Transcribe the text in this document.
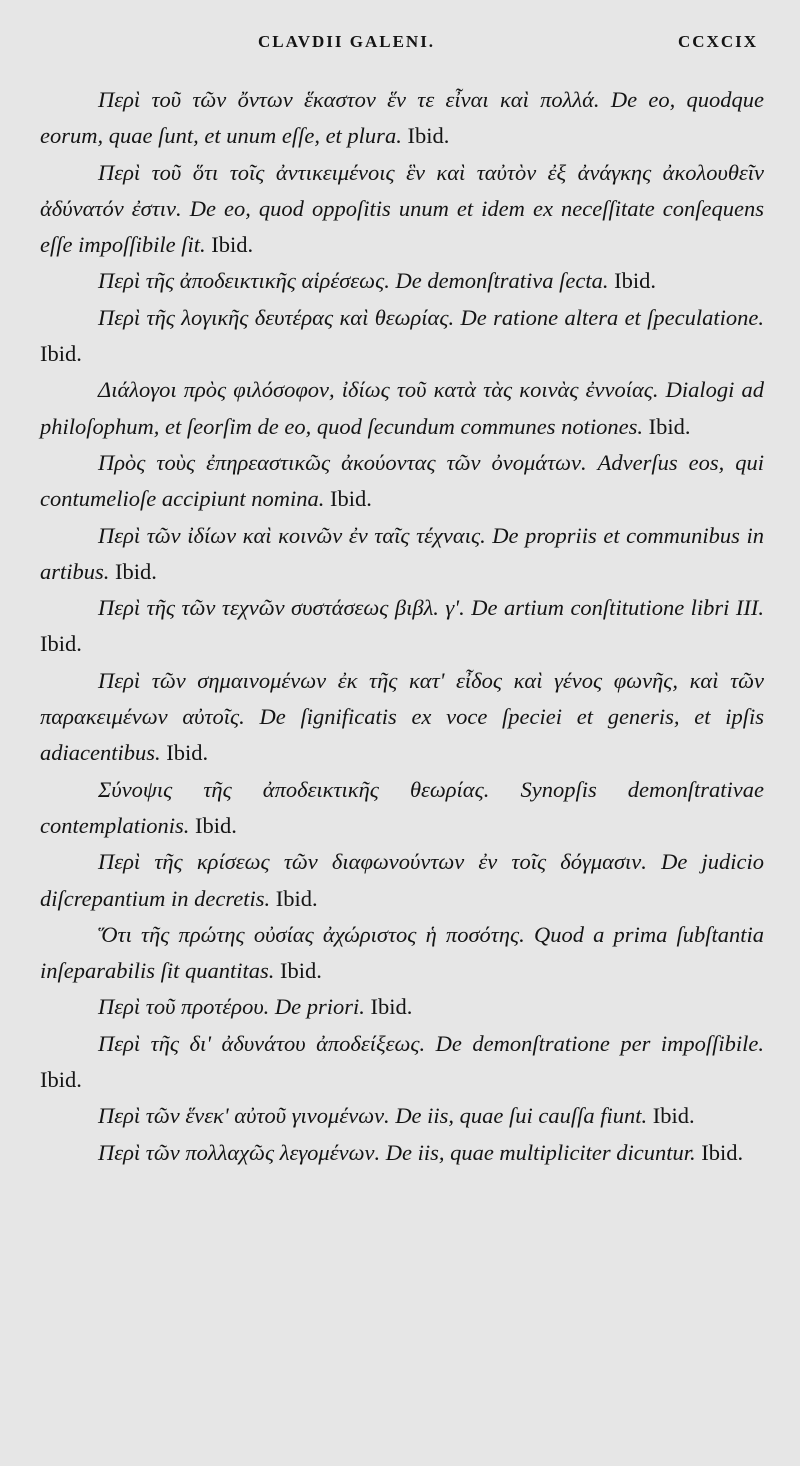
CLAVDII GALENI.	CCXCIX

Περὶ τοῦ τῶν ὄντων ἕκαστον ἕν τε εἶναι καὶ πολλά. De eo, quodque eorum, quae ſunt, et unum eſſe, et plura. Ibid.

Περὶ τοῦ ὅτι τοῖς ἀντικειμένοις ἓν καὶ ταὐτὸν ἐξ ἀνάγκης ἀκολουθεῖν ἀδύνατόν ἐστιν. De eo, quod oppoſitis unum et idem ex neceſſitate conſequens eſſe impoſſibile ſit. Ibid.

Περὶ τῆς ἀποδεικτικῆς αἱρέσεως. De demonſtrativa ſecta. Ibid.

Περὶ τῆς λογικῆς δευτέρας καὶ θεωρίας. De ratione altera et ſpeculatione. Ibid.

Διάλογοι πρὸς φιλόσοφον, ἰδίως τοῦ κατὰ τὰς κοινὰς ἐννοίας. Dialogi ad philoſophum, et ſeorſim de eo, quod ſecundum communes notiones. Ibid.

Πρὸς τοὺς ἐπηρεαστικῶς ἀκούοντας τῶν ὀνομάτων. Adverſus eos, qui contumelioſe accipiunt nomina. Ibid.

Περὶ τῶν ἰδίων καὶ κοινῶν ἐν ταῖς τέχναις. De propriis et communibus in artibus. Ibid.

Περὶ τῆς τῶν τεχνῶν συστάσεως βιβλ. γ'. De artium conſtitutione libri III. Ibid.

Περὶ τῶν σημαινομένων ἐκ τῆς κατ' εἶδος καὶ γένος φωνῆς, καὶ τῶν παρακειμένων αὐτοῖς. De ſignificatis ex voce ſpeciei et generis, et ipſis adiacentibus. Ibid.

Σύνοψις τῆς ἀποδεικτικῆς θεωρίας. Synopſis demonſtrativae contemplationis. Ibid.

Περὶ τῆς κρίσεως τῶν διαφωνούντων ἐν τοῖς δόγμασιν. De judicio diſcrepantium in decretis. Ibid.

Ὅτι τῆς πρώτης οὐσίας ἀχώριστος ἡ ποσότης. Quod a prima ſubſtantia inſeparabilis ſit quantitas. Ibid.

Περὶ τοῦ προτέρου. De priori. Ibid.

Περὶ τῆς δι' ἀδυνάτου ἀποδείξεως. De demonſtratione per impoſſibile. Ibid.

Περὶ τῶν ἕνεκ' αὐτοῦ γινομένων. De iis, quae ſui cauſſa fiunt. Ibid.

Περὶ τῶν πολλαχῶς λεγομένων. De iis, quae multipliciter dicuntur. Ibid.
